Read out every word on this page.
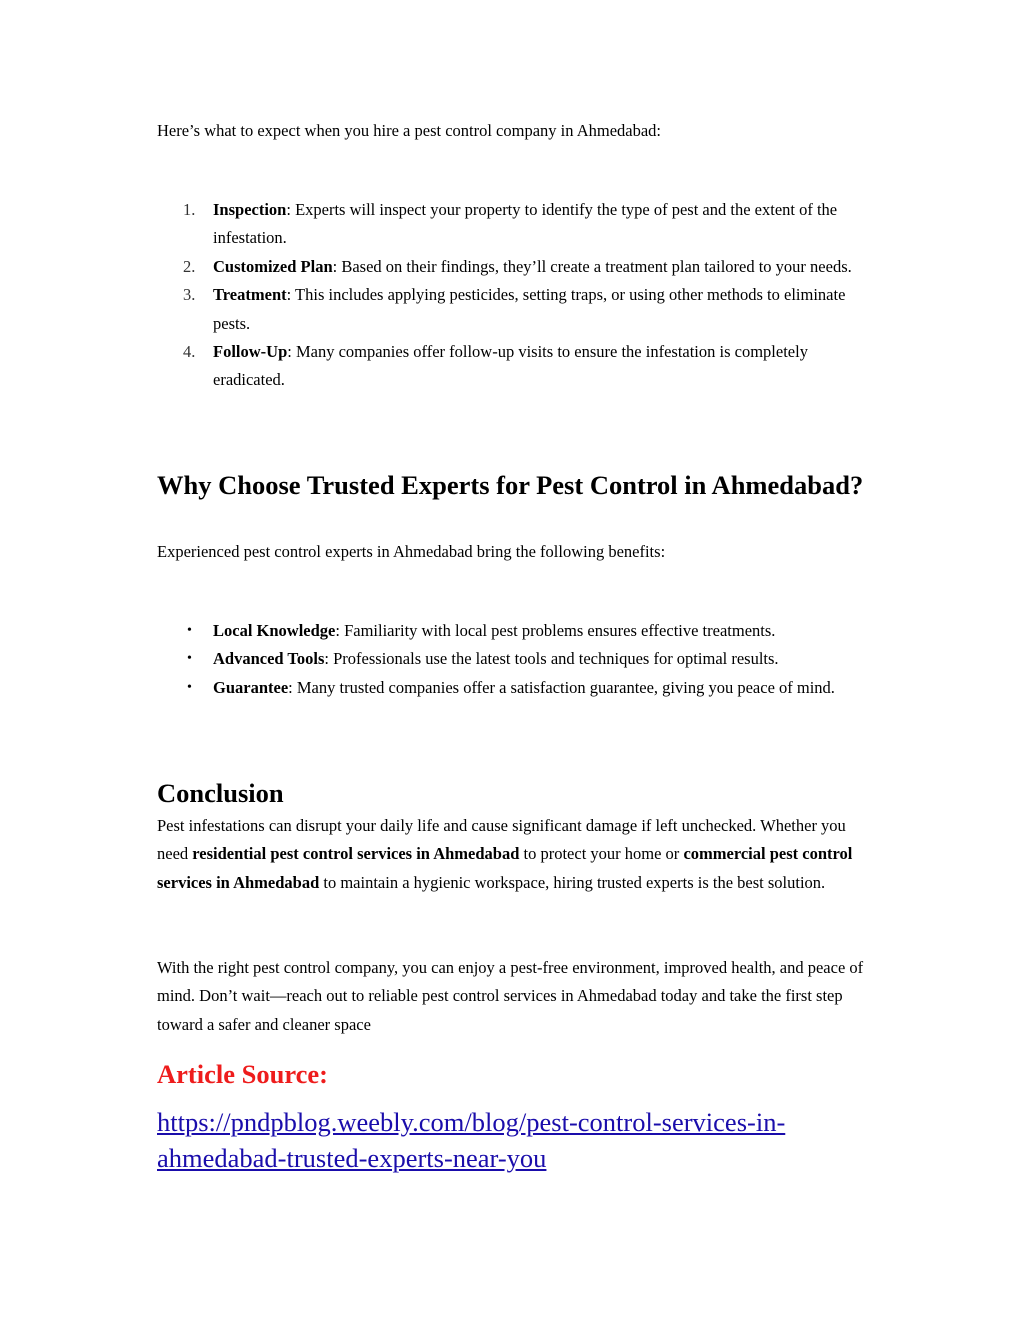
Here’s what to expect when you hire a pest control company in Ahmedabad:

1. Inspection: Experts will inspect your property to identify the type of pest and the extent of the infestation.
2. Customized Plan: Based on their findings, they’ll create a treatment plan tailored to your needs.
3. Treatment: This includes applying pesticides, setting traps, or using other methods to eliminate pests.
4. Follow-Up: Many companies offer follow-up visits to ensure the infestation is completely eradicated.
Why Choose Trusted Experts for Pest Control in Ahmedabad?

Experienced pest control experts in Ahmedabad bring the following benefits:

• Local Knowledge: Familiarity with local pest problems ensures effective treatments.
• Advanced Tools: Professionals use the latest tools and techniques for optimal results.
• Guarantee: Many trusted companies offer a satisfaction guarantee, giving you peace of mind.
Conclusion

Pest infestations can disrupt your daily life and cause significant damage if left unchecked. Whether you need residential pest control services in Ahmedabad to protect your home or commercial pest control services in Ahmedabad to maintain a hygienic workspace, hiring trusted experts is the best solution.

With the right pest control company, you can enjoy a pest-free environment, improved health, and peace of mind. Don’t wait—reach out to reliable pest control services in Ahmedabad today and take the first step toward a safer and cleaner space

Article Source:
https://pndpblog.weebly.com/blog/pest-control-services-in-ahmedabad-trusted-experts-near-you
